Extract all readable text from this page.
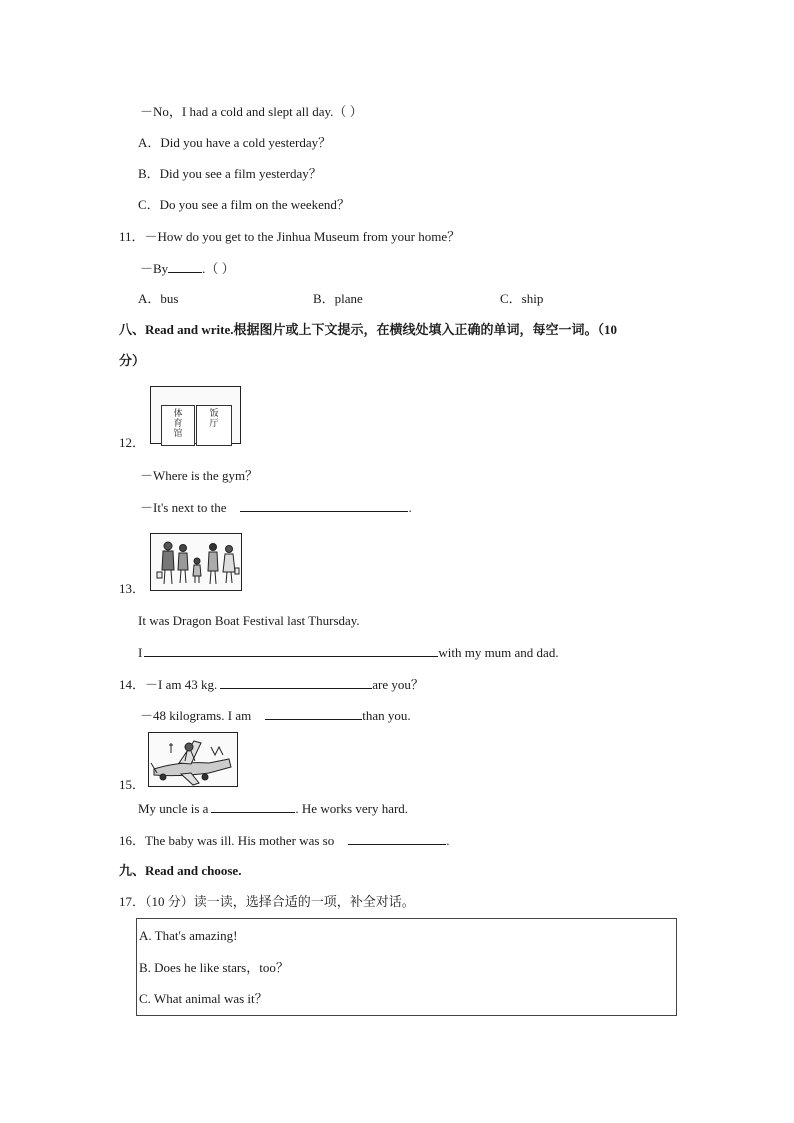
－No，I had a cold and slept all day.（ ）
A．Did you have a cold yesterday？
B．Did you see a film yesterday？
C．Do you see a film on the weekend？
11．－How do you get to the Jinhua Museum from your home？
－By	.（ ）
A．bus	B．plane	C．ship
八、Read and write.根据图片或上下文提示，在横线处填入正确的单词，每空一词。（10
分）
体
育
馆
饭
厅
12．
－Where is the gym？
－It's next to the	.
13．
It was Dragon Boat Festival last Thursday.
I	with my mum and dad.
14．－I am 43 kg.	are you？
－48 kilograms. I am	than you.
15．
My uncle is a	. He works very hard.
16．The baby was ill. His mother was so	.
九、Read and choose.
17．（10 分）读一读，选择合适的一项，补全对话。
A. That's amazing!
B. Does he like stars，too？
C. What animal was it？
